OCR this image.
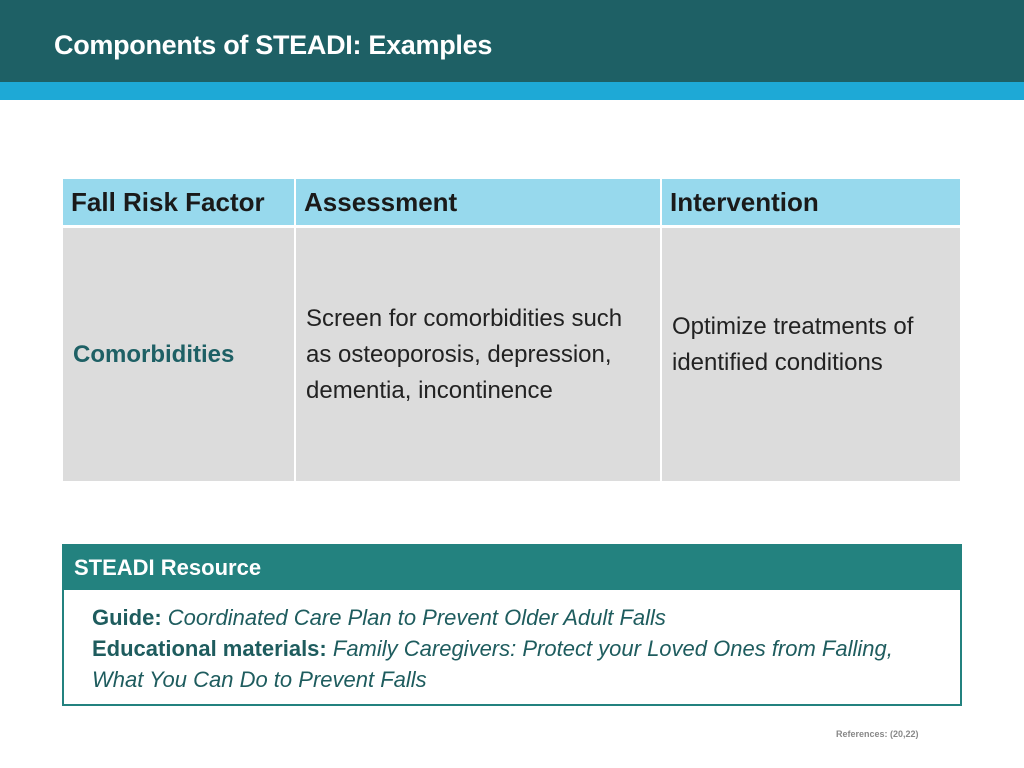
Components of STEADI: Examples
Fall Risk Factor	Assessment	Intervention
Comorbidities
Screen for comorbidities such as osteoporosis, depression, dementia, incontinence
Optimize treatments of identified conditions
STEADI Resource
Guide: Coordinated Care Plan to Prevent Older Adult Falls
Educational materials: Family Caregivers: Protect your Loved Ones from Falling, What You Can Do to Prevent Falls
References: (20,22)
